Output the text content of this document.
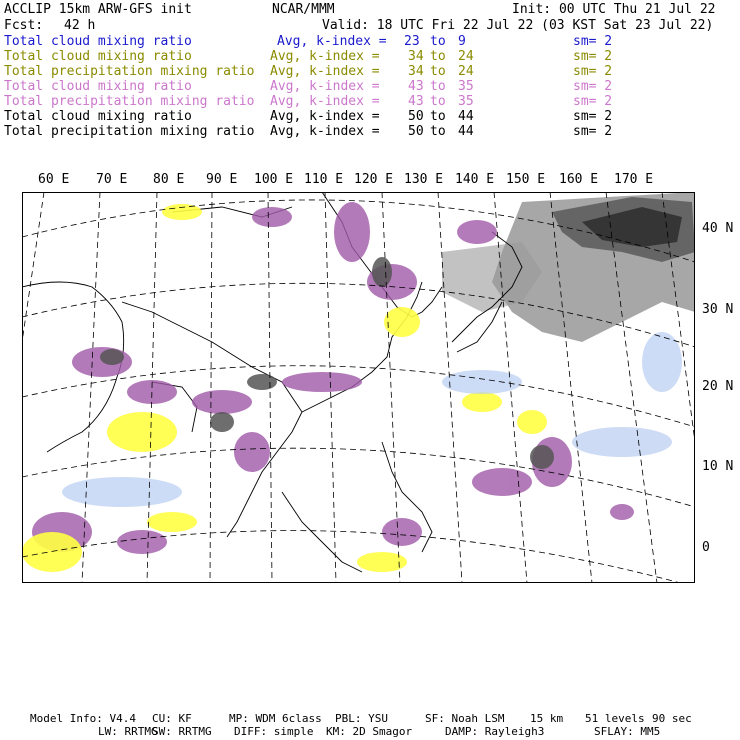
ACCLIP 15km ARW-GFS init	NCAR/MMM	Init: 00 UTC Thu 21 Jul 22
Fcst: 42 h	Valid: 18 UTC Fri 22 Jul 22 (03 KST Sat 23 Jul 22)
Total cloud mixing ratio	Avg, k-index = 23 to 9	sm= 2
Total cloud mixing ratio	Avg, k-index = 34 to 24	sm= 2
Total precipitation mixing ratio Avg, k-index = 34 to 24	sm= 2
Total cloud mixing ratio	Avg, k-index = 43 to 35	sm= 2
Total precipitation mixing ratio Avg, k-index = 43 to 35	sm= 2
Total cloud mixing ratio	Avg, k-index = 50 to 44	sm= 2
Total precipitation mixing ratio Avg, k-index = 50 to 44	sm= 2
60 E 70 E 80 E 90 E 100 E 110 E 120 E 130 E 140 E 150 E 160 E 170 E
40 N
30 N
20 N
10 N
0
Model Info: V4.4 CU: KF	MP: WDM 6class PBL: YSU	SF: Noah LSM 15 km 51 levels 90 sec
LW: RRTMG
SW: RRTMG DIFF: simple KM: 2D Smagor	DAMP: Rayleigh3	SFLAY: MM5
